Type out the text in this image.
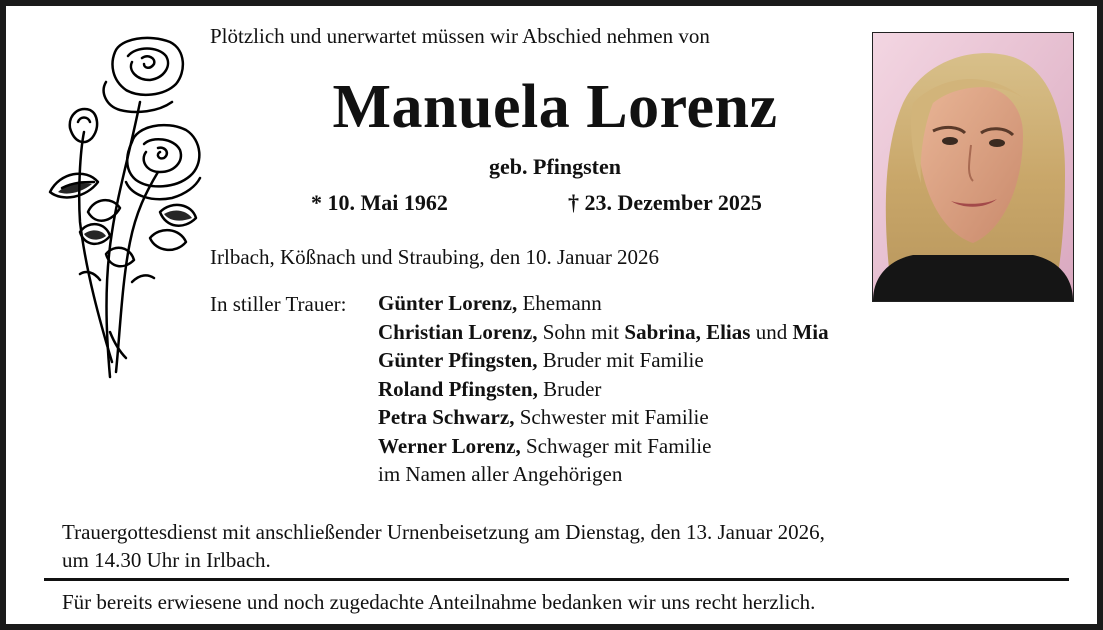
Plötzlich und unerwartet müssen wir Abschied nehmen von
Manuela Lorenz
geb. Pfingsten
* 10. Mai 1962	† 23. Dezember 2025
Irlbach, Kößnach und Straubing, den 10. Januar 2026
In stiller Trauer: Günter Lorenz, Ehemann
Christian Lorenz, Sohn mit Sabrina, Elias und Mia
Günter Pfingsten, Bruder mit Familie
Roland Pfingsten, Bruder
Petra Schwarz, Schwester mit Familie
Werner Lorenz, Schwager mit Familie
im Namen aller Angehörigen
Trauergottesdienst mit anschließender Urnenbeisetzung am Dienstag, den 13. Januar 2026,
um 14.30 Uhr in Irlbach.
Für bereits erwiesene und noch zugedachte Anteilnahme bedanken wir uns recht herzlich.
